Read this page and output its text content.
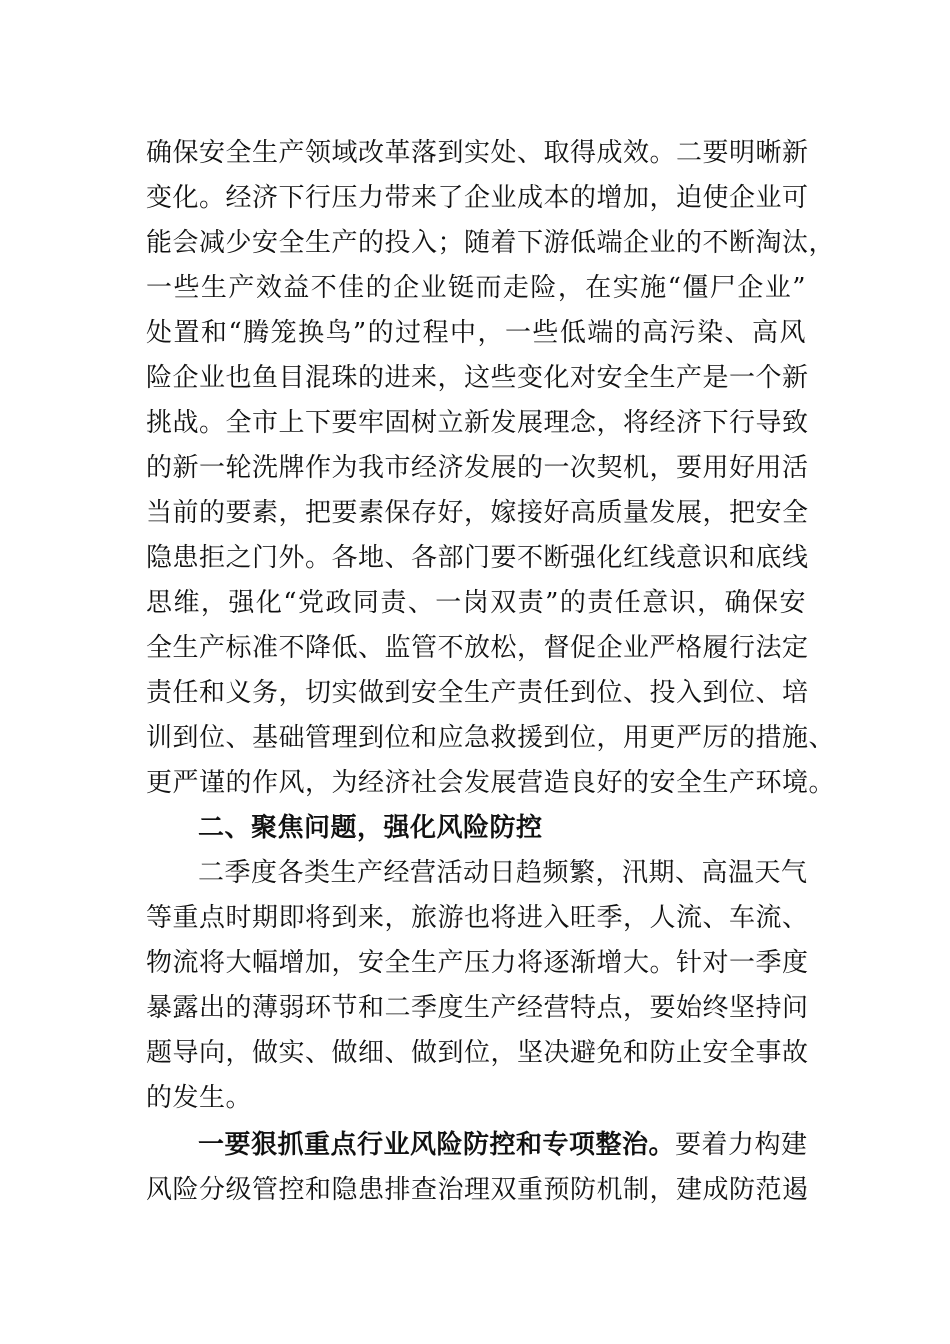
确保安全生产领域改革落到实处、取得成效。二要明晰新
变化。经济下行压力带来了企业成本的增加，迫使企业可
能会减少安全生产的投入；随着下游低端企业的不断淘汰，
一些生产效益不佳的企业铤而走险，在实施“僵尸企业”
处置和“腾笼换鸟”的过程中，一些低端的高污染、高风
险企业也鱼目混珠的进来，这些变化对安全生产是一个新
挑战。全市上下要牢固树立新发展理念，将经济下行导致
的新一轮洗牌作为我市经济发展的一次契机，要用好用活
当前的要素，把要素保存好，嫁接好高质量发展，把安全
隐患拒之门外。各地、各部门要不断强化红线意识和底线
思维，强化“党政同责、一岗双责”的责任意识，确保安
全生产标准不降低、监管不放松，督促企业严格履行法定
责任和义务，切实做到安全生产责任到位、投入到位、培
训到位、基础管理到位和应急救援到位，用更严厉的措施、
更严谨的作风，为经济社会发展营造良好的安全生产环境。
二、聚焦问题，强化风险防控
二季度各类生产经营活动日趋频繁，汛期、高温天气
等重点时期即将到来，旅游也将进入旺季，人流、车流、
物流将大幅增加，安全生产压力将逐渐增大。针对一季度
暴露出的薄弱环节和二季度生产经营特点，要始终坚持问
题导向，做实、做细、做到位，坚决避免和防止安全事故
的发生。
一要狠抓重点行业风险防控和专项整治。 要着力构建
风险分级管控和隐患排查治理双重预防机制，建成防范遏
